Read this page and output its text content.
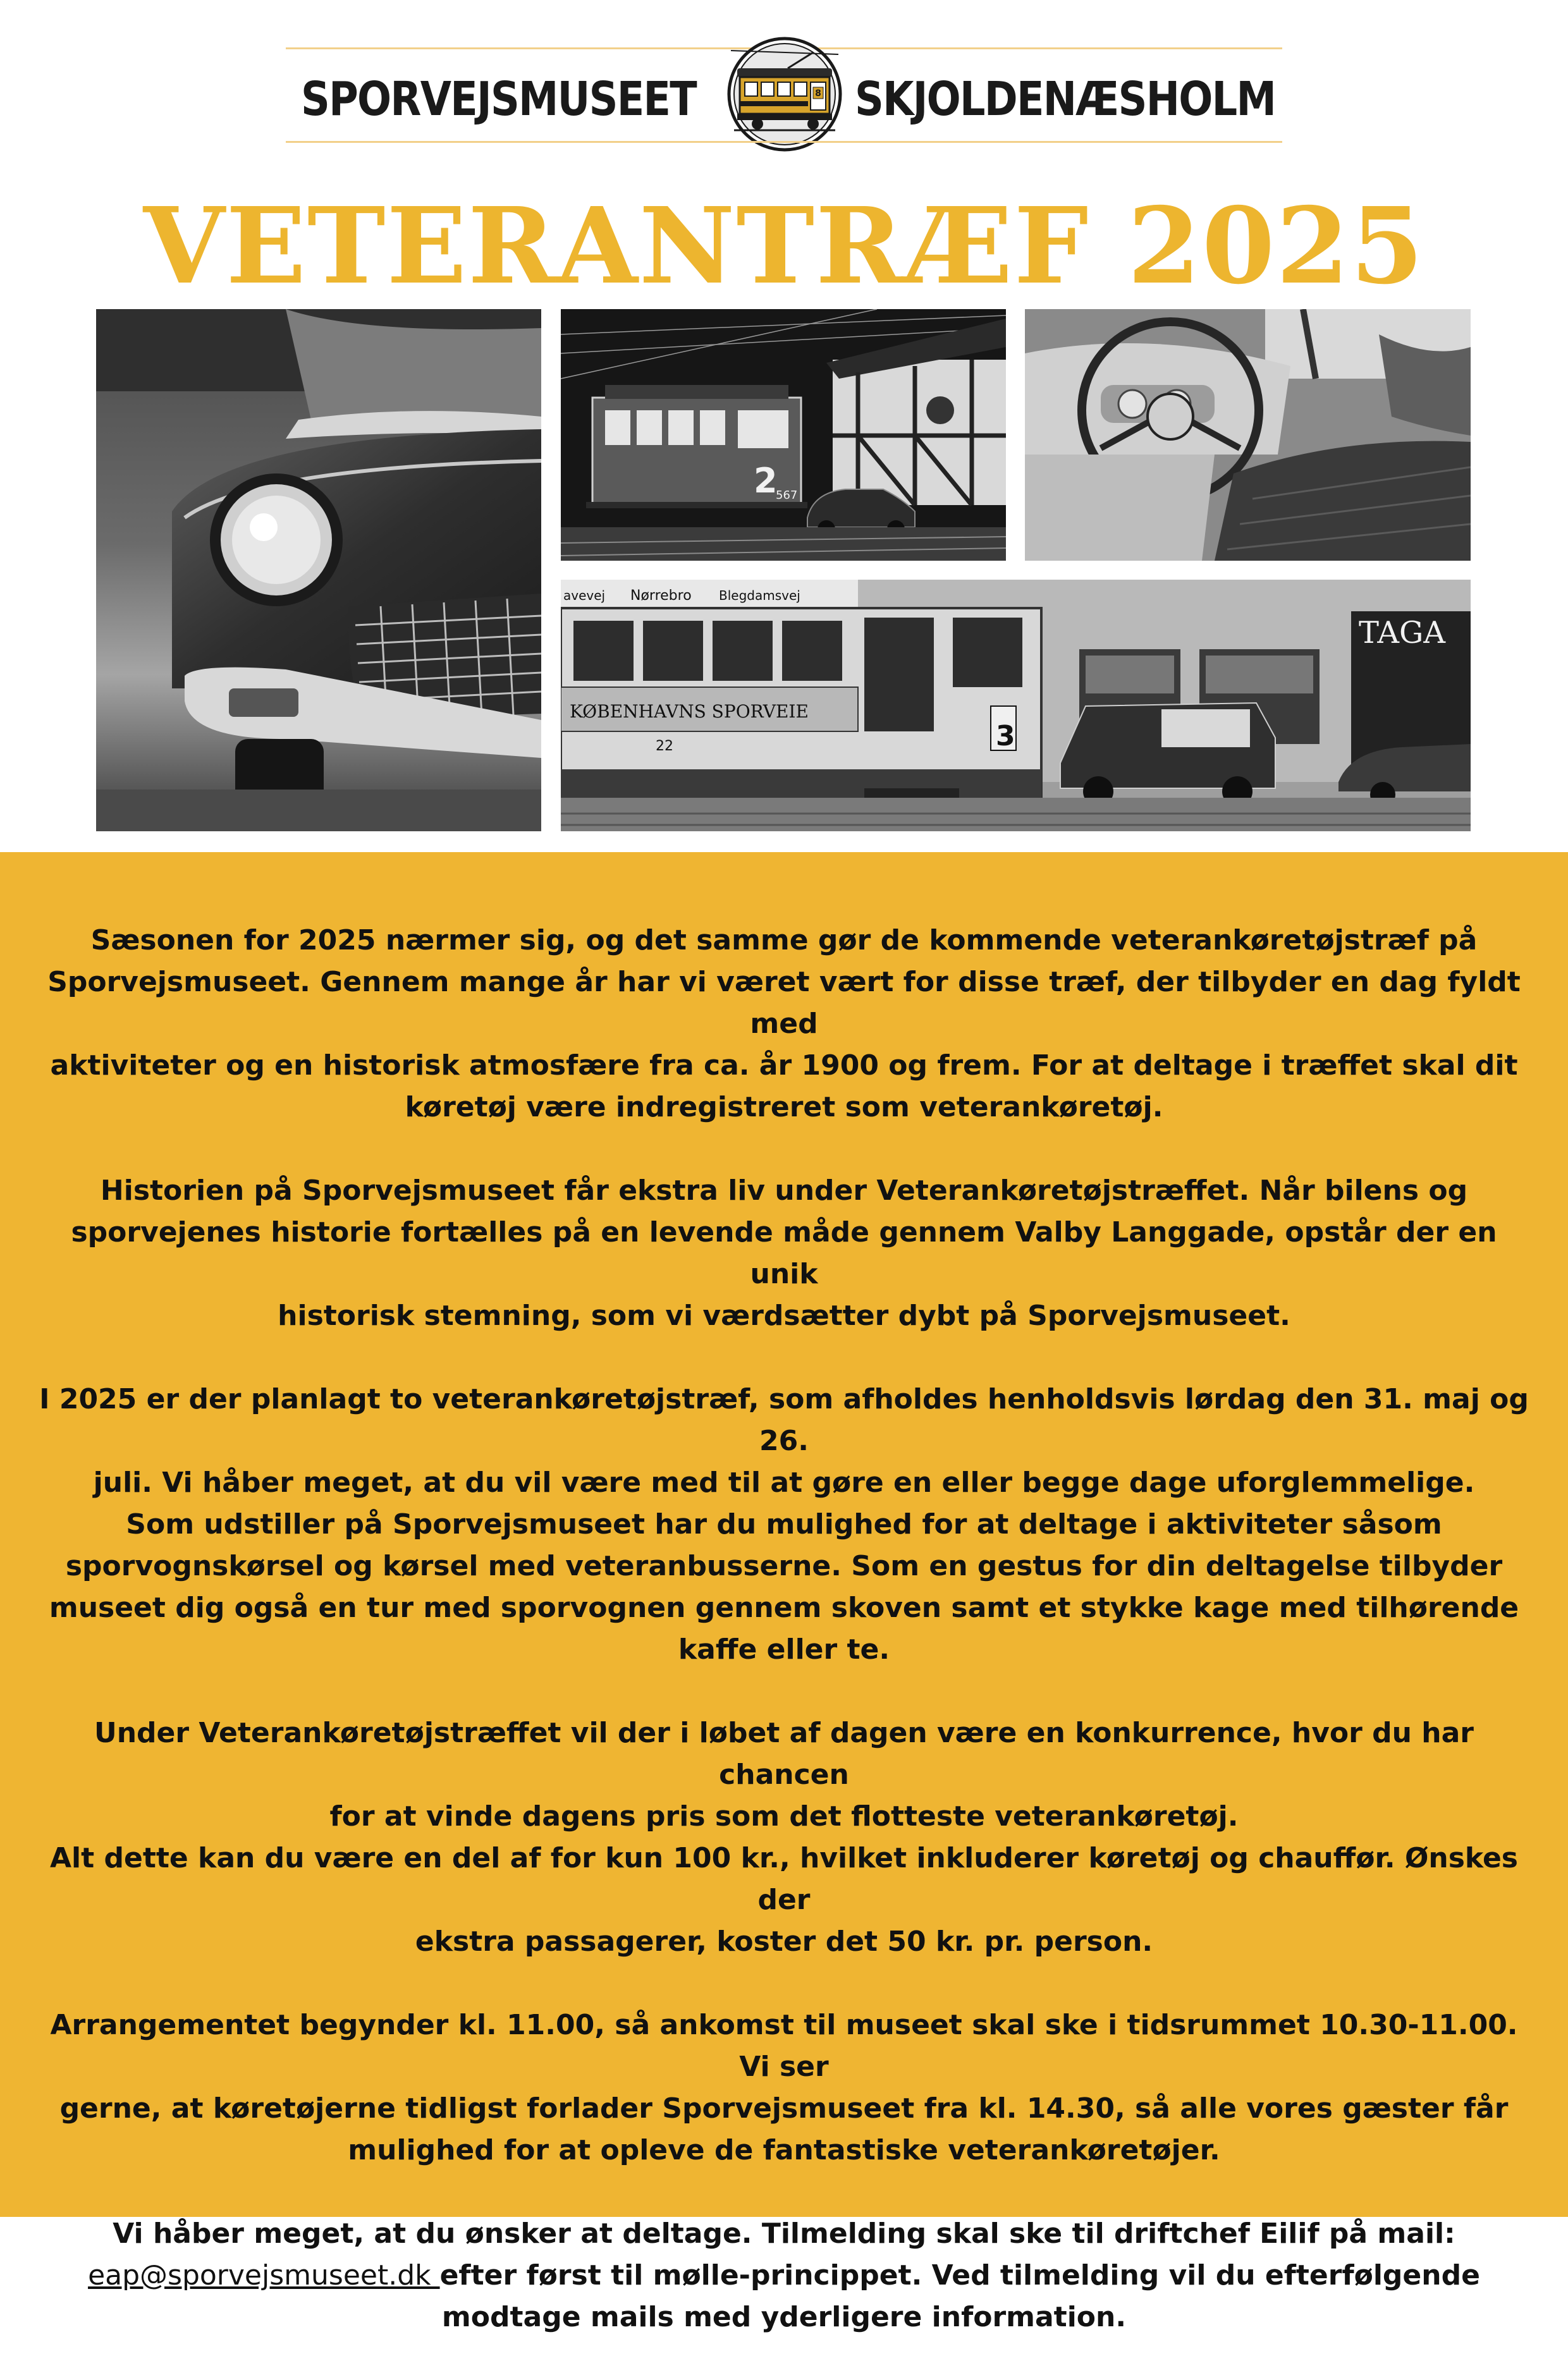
SPORVEJSMUSEET	8 SKJOLDENÆSHOLM
VETERANTRÆF 2025
2
567
TAGA
avevej Nørrebro Blegdamsvej
KØBENHAVNS SPORVEIE
22	3

Sæsonen for 2025 nærmer sig, og det samme gør de kommende veterankøretøjstræf på
Sporvejsmuseet. Gennem mange år har vi været vært for disse træf, der tilbyder en dag fyldt med
aktiviteter og en historisk atmosfære fra ca. år 1900 og frem. For at deltage i træffet skal dit
køretøj være indregistreret som veterankøretøj.

Historien på Sporvejsmuseet får ekstra liv under Veterankøretøjstræffet. Når bilens og
sporvejenes historie fortælles på en levende måde gennem Valby Langgade, opstår der en unik
historisk stemning, som vi værdsætter dybt på Sporvejsmuseet.

I 2025 er der planlagt to veterankøretøjstræf, som afholdes henholdsvis lørdag den 31. maj og 26.
juli. Vi håber meget, at du vil være med til at gøre en eller begge dage uforglemmelige.
Som udstiller på Sporvejsmuseet har du mulighed for at deltage i aktiviteter såsom
sporvognskørsel og kørsel med veteranbusserne. Som en gestus for din deltagelse tilbyder
museet dig også en tur med sporvognen gennem skoven samt et stykke kage med tilhørende
kaffe eller te.

Under Veterankøretøjstræffet vil der i løbet af dagen være en konkurrence, hvor du har chancen
for at vinde dagens pris som det flotteste veterankøretøj.
Alt dette kan du være en del af for kun 100 kr., hvilket inkluderer køretøj og chauffør. Ønskes der
ekstra passagerer, koster det 50 kr. pr. person.

Arrangementet begynder kl. 11.00, så ankomst til museet skal ske i tidsrummet 10.30-11.00. Vi ser
gerne, at køretøjerne tidligst forlader Sporvejsmuseet fra kl. 14.30, så alle vores gæster får
mulighed for at opleve de fantastiske veterankøretøjer.

Vi håber meget, at du ønsker at deltage. Tilmelding skal ske til driftchef Eilif på mail:
eap@sporvejsmuseet.dk efter først til mølle-princippet. Ved tilmelding vil du efterfølgende
modtage mails med yderligere information.
